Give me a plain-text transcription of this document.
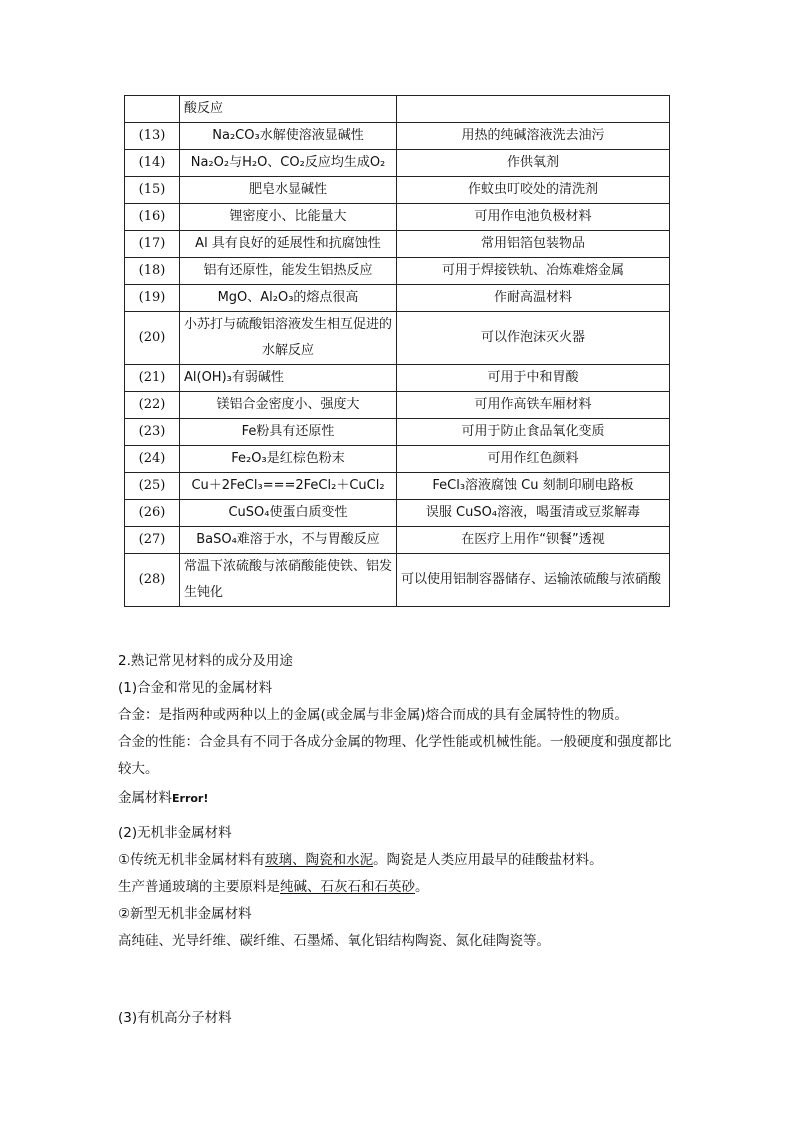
	酸反应	
(13)	Na₂CO₃水解使溶液显碱性	用热的纯碱溶液洗去油污
(14)	Na₂O₂与H₂O、CO₂反应均生成O₂	作供氧剂
(15)	肥皂水显碱性	作蚊虫叮咬处的清洗剂
(16)	锂密度小、比能量大	可用作电池负极材料
(17)	Al 具有良好的延展性和抗腐蚀性	常用铝箔包装物品
(18)	铝有还原性，能发生铝热反应	可用于焊接铁轨、冶炼难熔金属
(19)	MgO、Al₂O₃的熔点很高	作耐高温材料
(20)	小苏打与硫酸铝溶液发生相互促进的水解反应	可以作泡沫灭火器
(21)	Al(OH)₃有弱碱性	可用于中和胃酸
(22)	镁铝合金密度小、强度大	可用作高铁车厢材料
(23)	Fe粉具有还原性	可用于防止食品氧化变质
(24)	Fe₂O₃是红棕色粉末	可用作红色颜料
(25)	Cu＋2FeCl₃===2FeCl₂＋CuCl₂	FeCl₃溶液腐蚀 Cu 刻制印刷电路板
(26)	CuSO₄使蛋白质变性	误服 CuSO₄溶液，喝蛋清或豆浆解毒
(27)	BaSO₄难溶于水，不与胃酸反应	在医疗上用作“钡餐”透视
(28)	常温下浓硫酸与浓硝酸能使铁、铝发生钝化	可以使用铝制容器储存、运输浓硫酸与浓硝酸
2.熟记常见材料的成分及用途
(1)合金和常见的金属材料
合金：是指两种或两种以上的金属(或金属与非金属)熔合而成的具有金属特性的物质。
合金的性能：合金具有不同于各成分金属的物理、化学性能或机械性能。一般硬度和强度都比较大。
金属材料Error!
(2)无机非金属材料
①传统无机非金属材料有玻璃、陶瓷和水泥。陶瓷是人类应用最早的硅酸盐材料。
生产普通玻璃的主要原料是纯碱、石灰石和石英砂。
②新型无机非金属材料
高纯硅、光导纤维、碳纤维、石墨烯、氧化铝结构陶瓷、氮化硅陶瓷等。
(3)有机高分子材料
